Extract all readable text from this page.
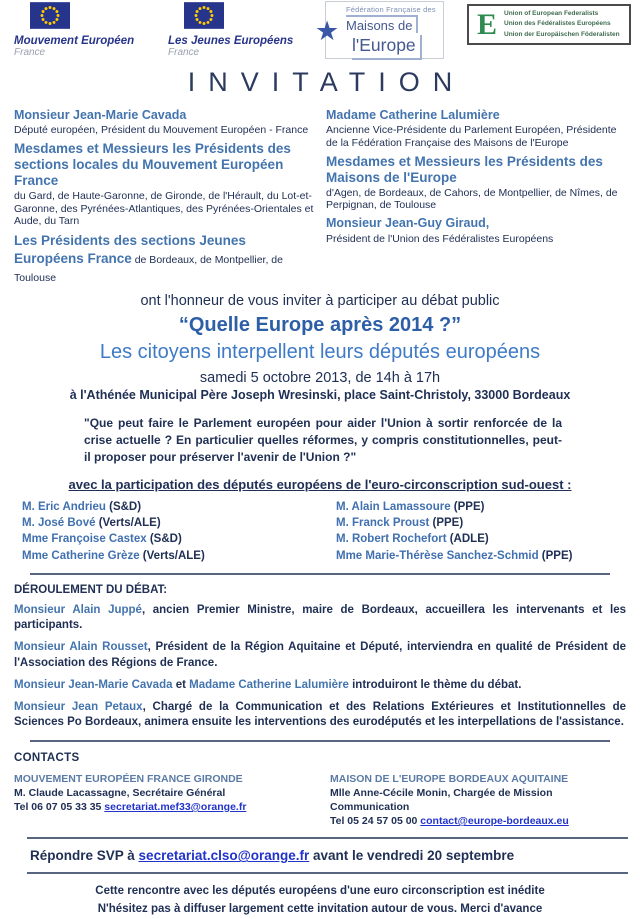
Mouvement Européen
France
Les Jeunes Européens
France
★
Fédération Française des
Maisons de
l'Europe
E Union of European Federalists
Union des Fédéralistes Européens
Union der Europäischen Föderalisten
INVITATION
Monsieur Jean-Marie Cavada
Député européen, Président du Mouvement Européen - France
Mesdames et Messieurs les Présidents des sections locales du Mouvement Européen France
du Gard, de Haute-Garonne, de Gironde, de l'Hérault, du Lot-et-Garonne, des Pyrénées-Atlantiques, des Pyrénées-Orientales et Aude, du Tarn

Les Présidents des sections Jeunes Européens France de Bordeaux, de Montpellier, de Toulouse

Madame Catherine Lalumière
Ancienne Vice-Présidente du Parlement Européen, Présidente de la Fédération Française des Maisons de l'Europe
Mesdames et Messieurs les Présidents des Maisons de l'Europe
d'Agen, de Bordeaux, de Cahors, de Montpellier, de Nîmes, de Perpignan, de Toulouse
Monsieur Jean-Guy Giraud,
Président de l'Union des Fédéralistes Européens
ont l'honneur de vous inviter à participer au débat public
“Quelle Europe après 2014 ?”
Les citoyens interpellent leurs députés européens
samedi 5 octobre 2013, de 14h à 17h
à l'Athénée Municipal Père Joseph Wresinski, place Saint-Christoly, 33000 Bordeaux
"Que peut faire le Parlement européen pour aider l'Union à sortir renforcée de la crise actuelle ? En particulier quelles réformes, y compris constitutionnelles, peut-il proposer pour préserver l'avenir de l'Union ?"
avec la participation des députés européens de l'euro-circonscription sud-ouest :
M. Eric Andrieu (S&D)
M. José Bové (Verts/ALE)
Mme Françoise Castex (S&D)
Mme Catherine Grèze (Verts/ALE)
M. Alain Lamassoure (PPE)
M. Franck Proust (PPE)
M. Robert Rochefort (ADLE)
Mme Marie-Thérèse Sanchez-Schmid (PPE)
DÉROULEMENT DU DÉBAT:

Monsieur Alain Juppé, ancien Premier Ministre, maire de Bordeaux, accueillera les intervenants et les participants.

Monsieur Alain Rousset, Président de la Région Aquitaine et Député, interviendra en qualité de Président de l'Association des Régions de France.

Monsieur Jean-Marie Cavada et Madame Catherine Lalumière introduiront le thème du débat.

Monsieur Jean Petaux, Chargé de la Communication et des Relations Extérieures et Institutionnelles de Sciences Po Bordeaux, animera ensuite les interventions des eurodéputés et les interpellations de l'assistance.

CONTACTS
MOUVEMENT EUROPÉEN FRANCE GIRONDE
M. Claude Lacassagne, Secrétaire Général
Tel 06 07 05 33 35 secretariat.mef33@orange.fr
MAISON DE L'EUROPE BORDEAUX AQUITAINE
Mlle Anne-Cécile Monin, Chargée de Mission Communication
Tel 05 24 57 05 00 contact@europe-bordeaux.eu
Répondre SVP à secretariat.clso@orange.fr avant le vendredi 20 septembre
Cette rencontre avec les députés européens d'une euro circonscription est inédite
N'hésitez pas à diffuser largement cette invitation autour de vous. Merci d'avance
